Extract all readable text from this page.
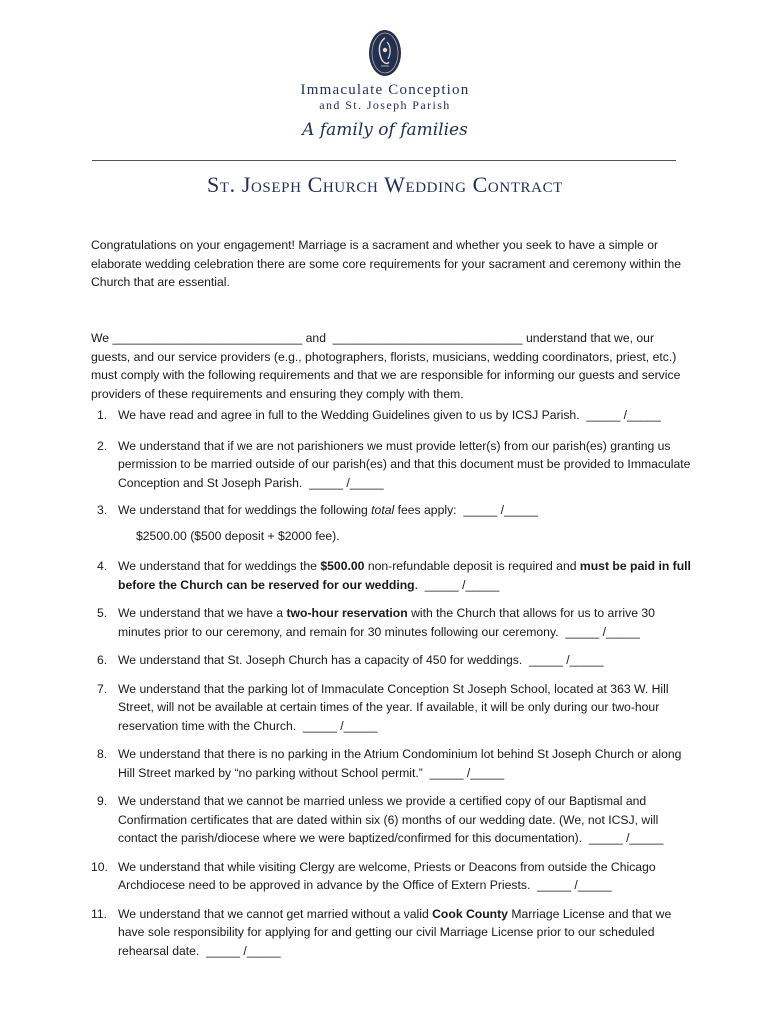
Immaculate Conception
and St. Joseph Parish
A family of families
St. Joseph Church Wedding Contract
Congratulations on your engagement! Marriage is a sacrament and whether you seek to have a simple or elaborate wedding celebration there are some core requirements for your sacrament and ceremony within the Church that are essential.
We ____________________________ and ____________________________ understand that we, our guests, and our service providers (e.g., photographers, florists, musicians, wedding coordinators, priest, etc.) must comply with the following requirements and that we are responsible for informing our guests and service providers of these requirements and ensuring they comply with them.
1. We have read and agree in full to the Wedding Guidelines given to us by ICSJ Parish. _____ /_____
2. We understand that if we are not parishioners we must provide letter(s) from our parish(es) granting us permission to be married outside of our parish(es) and that this document must be provided to Immaculate Conception and St Joseph Parish. _____ /_____
3. We understand that for weddings the following total fees apply: _____ /_____
$2500.00 ($500 deposit + $2000 fee).
4. We understand that for weddings the $500.00 non-refundable deposit is required and must be paid in full before the Church can be reserved for our wedding. _____ /_____
5. We understand that we have a two-hour reservation with the Church that allows for us to arrive 30 minutes prior to our ceremony, and remain for 30 minutes following our ceremony. _____ /_____
6. We understand that St. Joseph Church has a capacity of 450 for weddings. _____ /_____
7. We understand that the parking lot of Immaculate Conception St Joseph School, located at 363 W. Hill Street, will not be available at certain times of the year. If available, it will be only during our two-hour reservation time with the Church. _____ /_____
8. We understand that there is no parking in the Atrium Condominium lot behind St Joseph Church or along Hill Street marked by “no parking without School permit.” _____ /_____
9. We understand that we cannot be married unless we provide a certified copy of our Baptismal and Confirmation certificates that are dated within six (6) months of our wedding date. (We, not ICSJ, will contact the parish/diocese where we were baptized/confirmed for this documentation). _____ /_____
10. We understand that while visiting Clergy are welcome, Priests or Deacons from outside the Chicago Archdiocese need to be approved in advance by the Office of Extern Priests. _____ /_____
11. We understand that we cannot get married without a valid Cook County Marriage License and that we have sole responsibility for applying for and getting our civil Marriage License prior to our scheduled rehearsal date. _____ /_____
